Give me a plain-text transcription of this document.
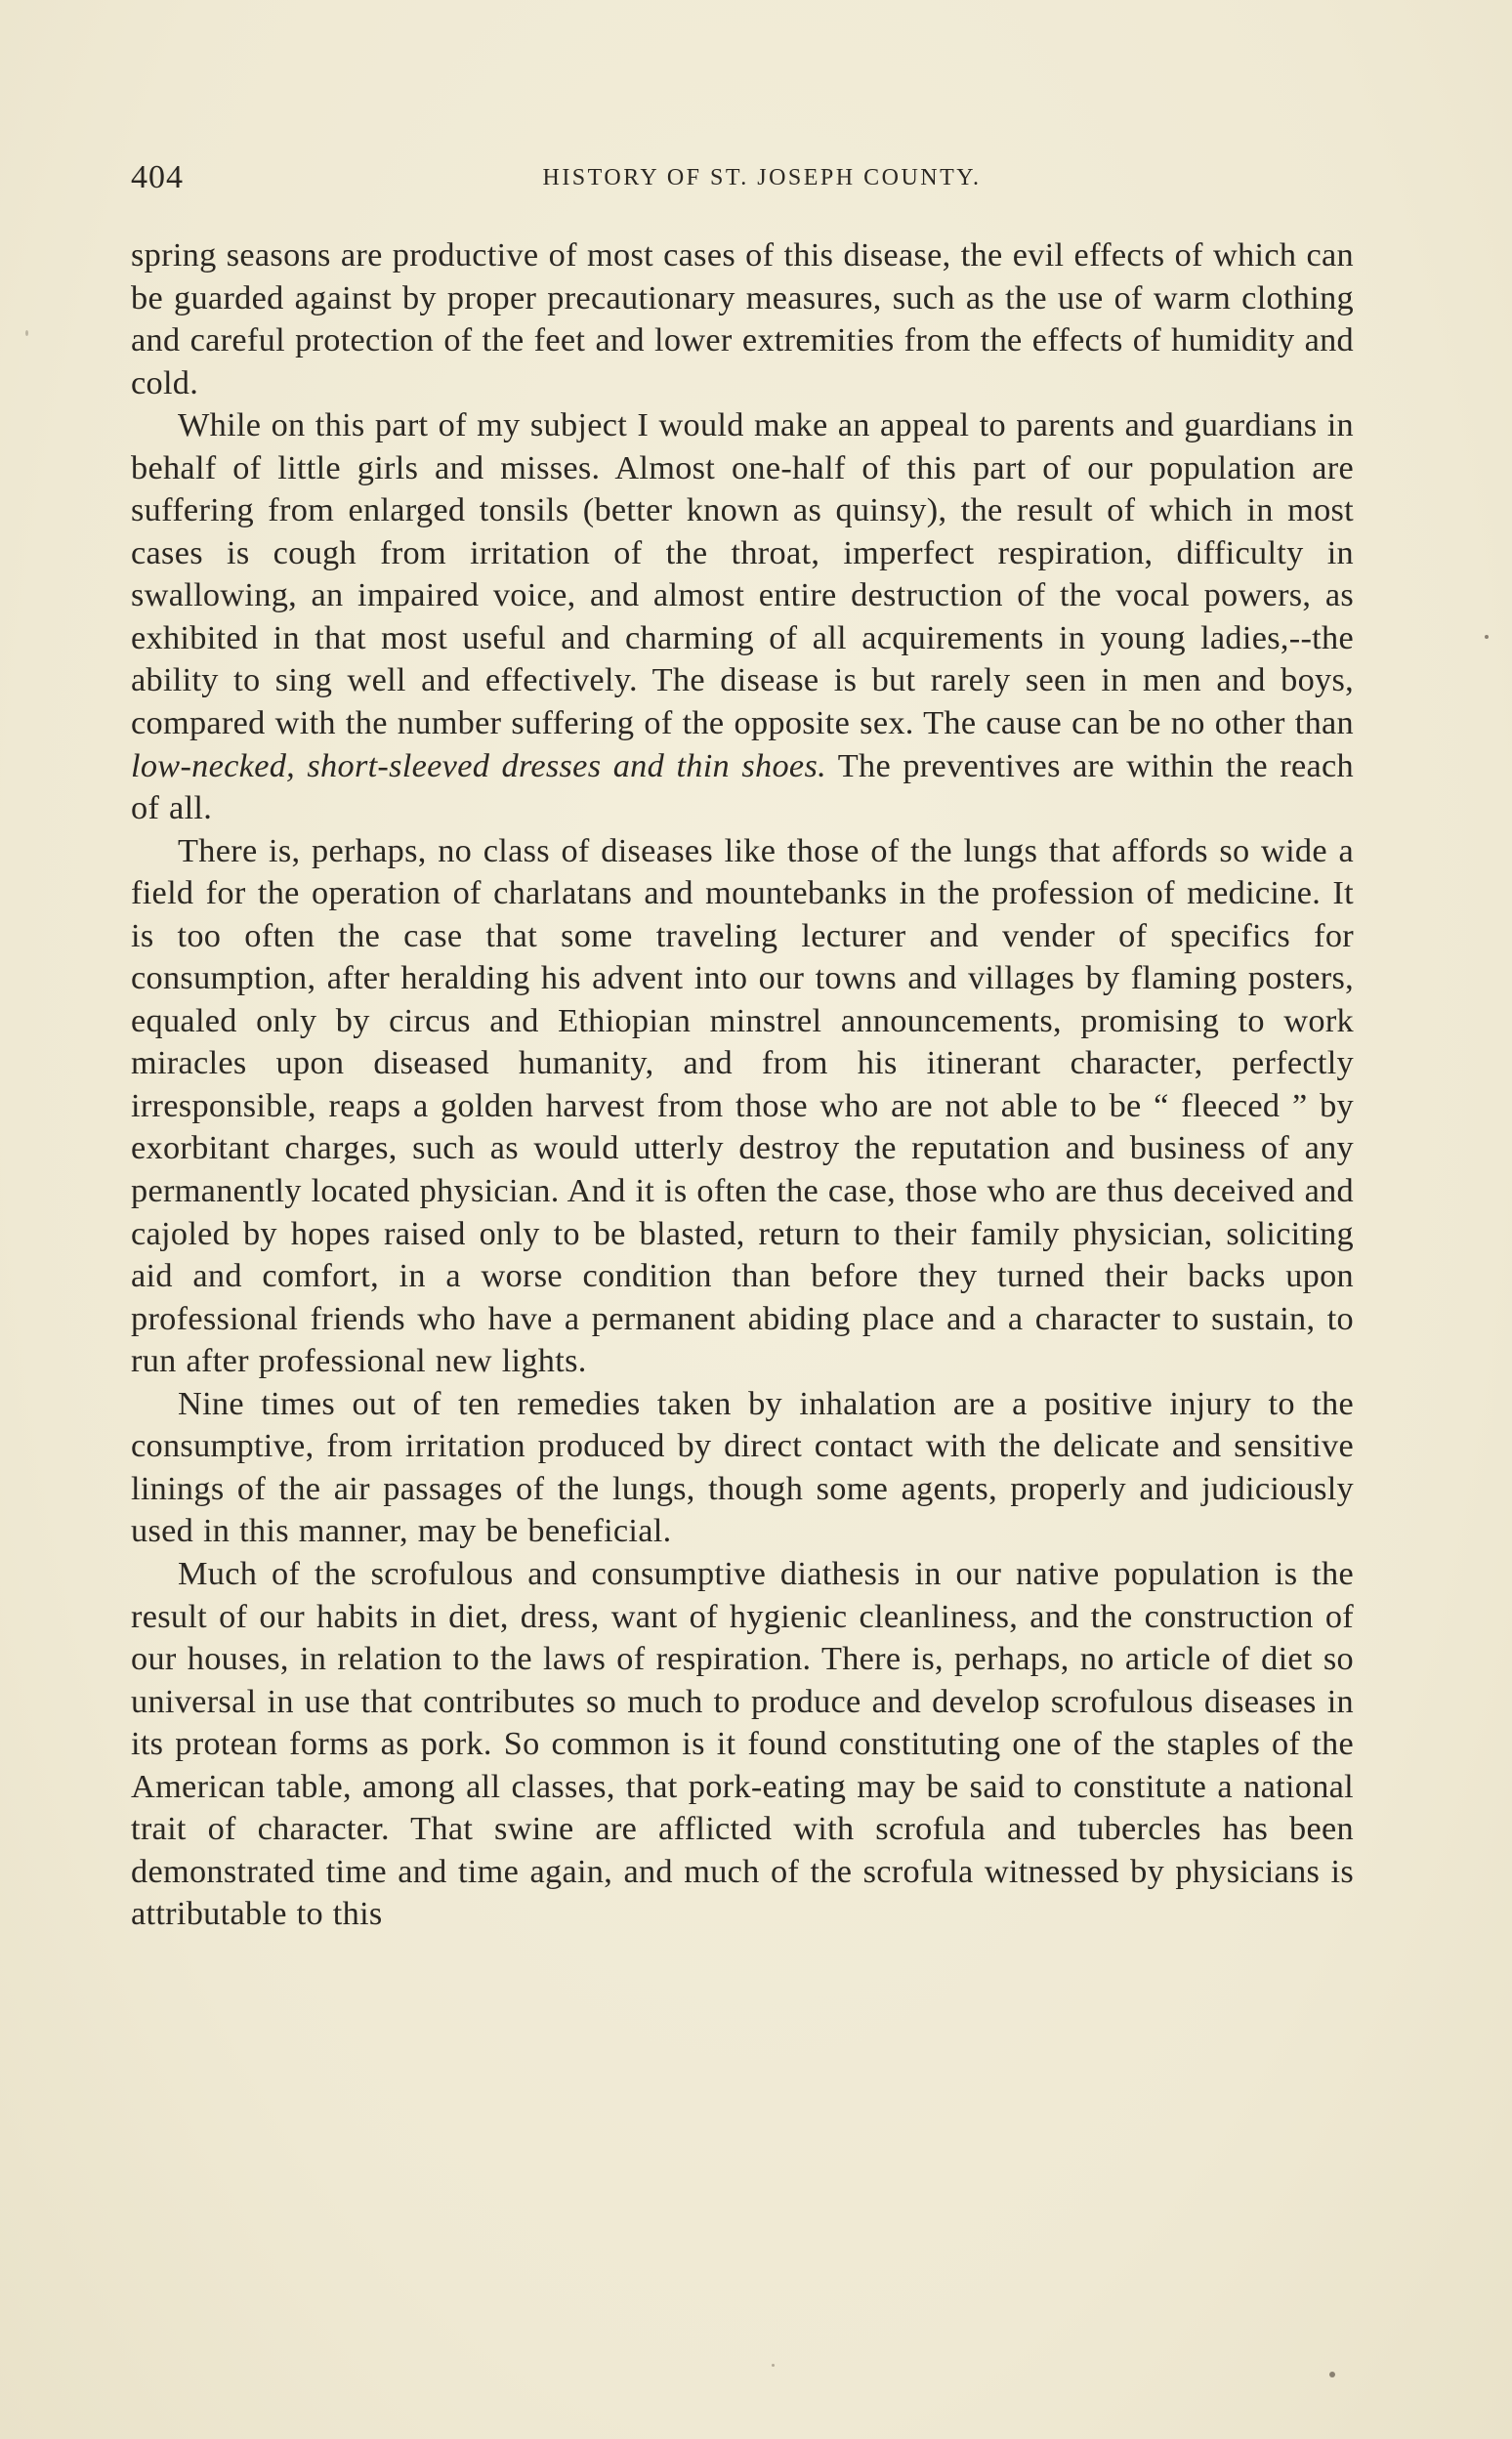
404	HISTORY OF ST. JOSEPH COUNTY.

spring seasons are productive of most cases of this disease, the evil effects of which can be guarded against by proper precautionary measures, such as the use of warm clothing and careful protection of the feet and lower extremities from the effects of humidity and cold.

While on this part of my subject I would make an appeal to parents and guardians in behalf of little girls and misses. Almost one-half of this part of our population are suffering from enlarged tonsils (better known as quinsy), the result of which in most cases is cough from irritation of the throat, imperfect respiration, difficulty in swallowing, an impaired voice, and almost entire destruction of the vocal powers, as exhibited in that most useful and charming of all acquirements in young ladies,--the ability to sing well and effectively. The disease is but rarely seen in men and boys, compared with the number suffering of the opposite sex. The cause can be no other than low-necked, short-sleeved dresses and thin shoes. The preventives are within the reach of all.

There is, perhaps, no class of diseases like those of the lungs that affords so wide a field for the operation of charlatans and mountebanks in the profession of medicine. It is too often the case that some traveling lecturer and vender of specifics for consumption, after heralding his advent into our towns and villages by flaming posters, equaled only by circus and Ethiopian minstrel announcements, promising to work miracles upon diseased humanity, and from his itinerant character, perfectly irresponsible, reaps a golden harvest from those who are not able to be “ fleeced ” by exorbitant charges, such as would utterly destroy the reputation and business of any permanently located physician. And it is often the case, those who are thus deceived and cajoled by hopes raised only to be blasted, return to their family physician, soliciting aid and comfort, in a worse condition than before they turned their backs upon professional friends who have a permanent abiding place and a character to sustain, to run after professional new lights.

Nine times out of ten remedies taken by inhalation are a positive injury to the consumptive, from irritation produced by direct contact with the delicate and sensitive linings of the air passages of the lungs, though some agents, properly and judiciously used in this manner, may be beneficial.

Much of the scrofulous and consumptive diathesis in our native population is the result of our habits in diet, dress, want of hygienic cleanliness, and the construction of our houses, in relation to the laws of respiration. There is, perhaps, no article of diet so universal in use that contributes so much to produce and develop scrofulous diseases in its protean forms as pork. So common is it found constituting one of the staples of the American table, among all classes, that pork-eating may be said to constitute a national trait of character. That swine are afflicted with scrofula and tubercles has been demonstrated time and time again, and much of the scrofula witnessed by physicians is attributable to this
